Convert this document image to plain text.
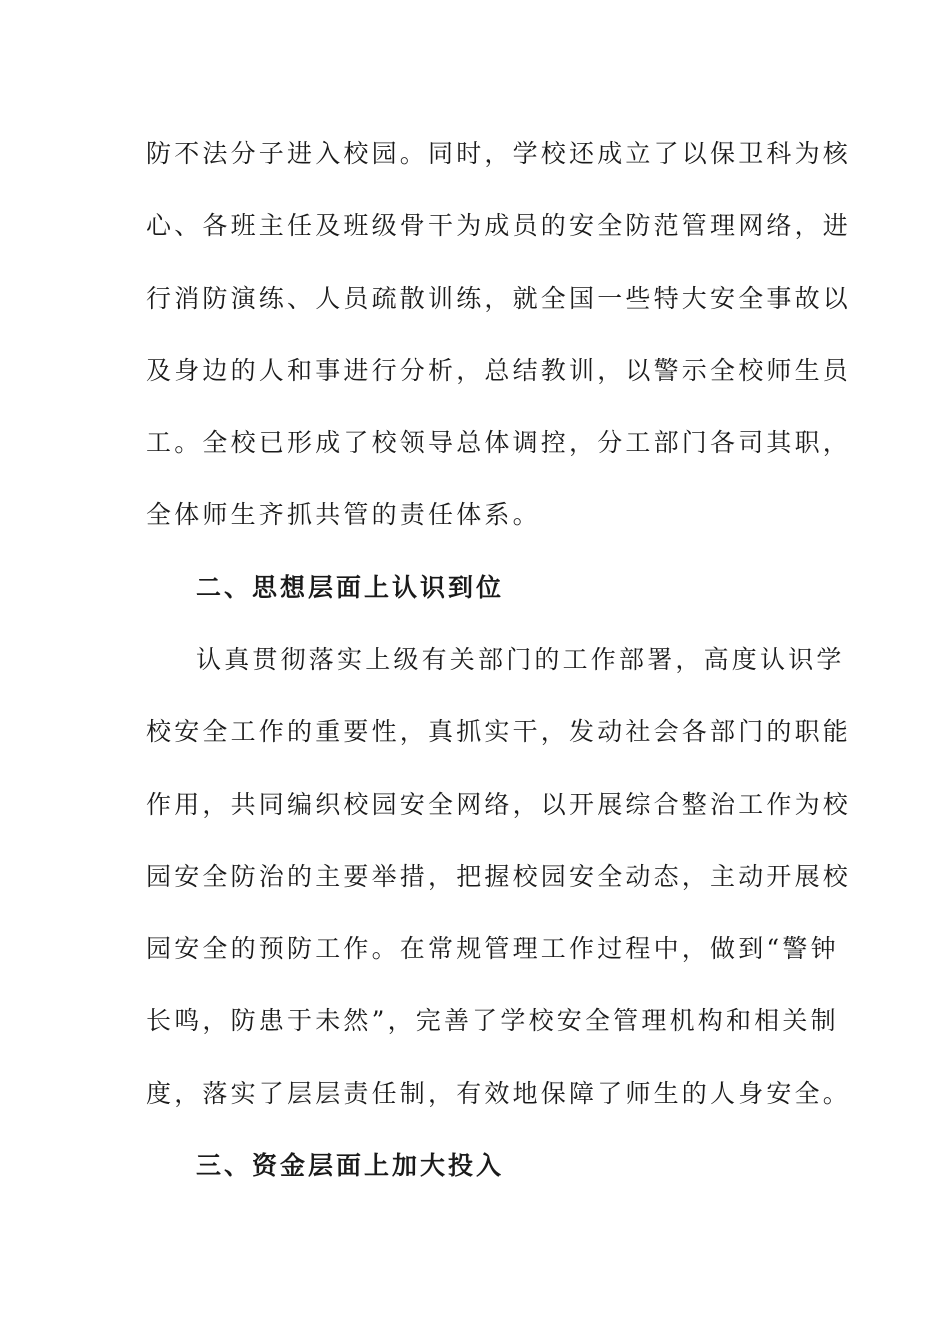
防不法分子进入校园。同时，学校还成立了以保卫科为核
心、各班主任及班级骨干为成员的安全防范管理网络，进
行消防演练、人员疏散训练，就全国一些特大安全事故以
及身边的人和事进行分析，总结教训，以警示全校师生员
工。全校已形成了校领导总体调控，分工部门各司其职，
全体师生齐抓共管的责任体系。
二、思想层面上认识到位
认真贯彻落实上级有关部门的工作部署，高度认识学
校安全工作的重要性，真抓实干，发动社会各部门的职能
作用，共同编织校园安全网络，以开展综合整治工作为校
园安全防治的主要举措，把握校园安全动态，主动开展校
园安全的预防工作。在常规管理工作过程中，做到“警钟
长鸣，防患于未然”，完善了学校安全管理机构和相关制
度，落实了层层责任制，有效地保障了师生的人身安全。
三、资金层面上加大投入
